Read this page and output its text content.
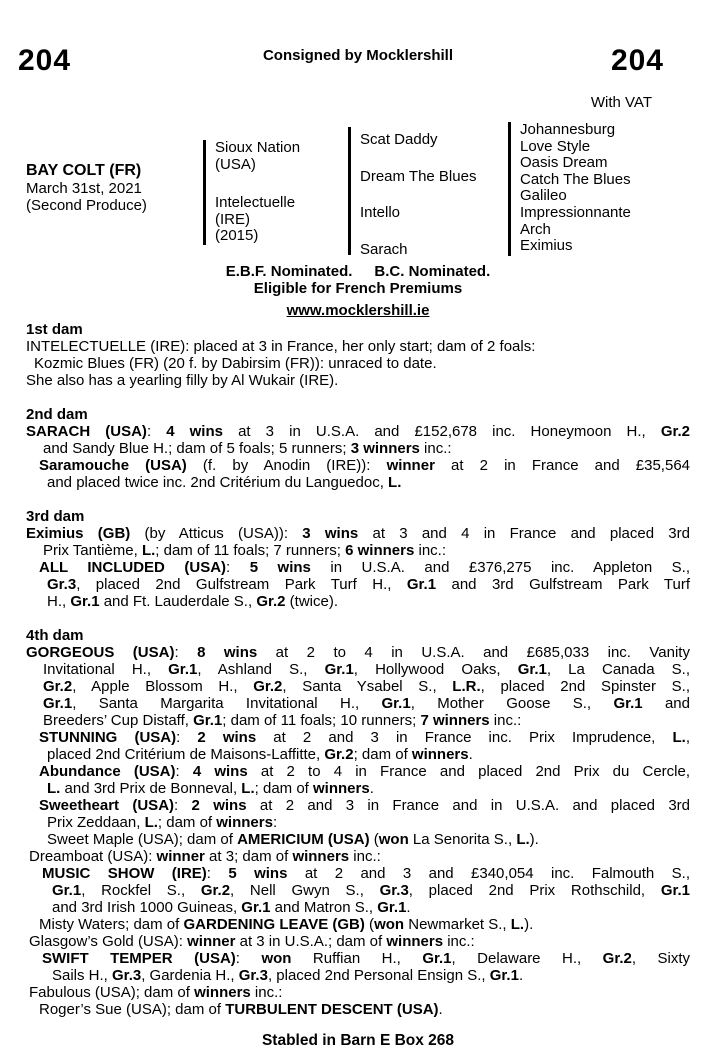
204	Consigned by Mocklershill	204
With VAT
BAY COLT (FR)
March 31st, 2021
(Second Produce)
Sioux Nation
(USA)
Intelectuelle
(IRE)
(2015)
Scat Daddy
Dream The Blues
Intello
Sarach
Johannesburg
Love Style
Oasis Dream
Catch The Blues
Galileo
Impressionnante
Arch
Eximius
E.B.F. Nominated. B.C. Nominated.
Eligible for French Premiums
www.mocklershill.ie
1st dam
INTELECTUELLE (IRE): placed at 3 in France, her only start; dam of 2 foals:
Kozmic Blues (FR) (20 f. by Dabirsim (FR)): unraced to date.
She also has a yearling filly by Al Wukair (IRE).
2nd dam
SARACH (USA): 4 wins at 3 in U.S.A. and £152,678 inc. Honeymoon H., Gr.2
and Sandy Blue H.; dam of 5 foals; 5 runners; 3 winners inc.:
Saramouche (USA) (f. by Anodin (IRE)): winner at 2 in France and £35,564
and placed twice inc. 2nd Critérium du Languedoc, L.
3rd dam
Eximius (GB) (by Atticus (USA)): 3 wins at 3 and 4 in France and placed 3rd
Prix Tantième, L.; dam of 11 foals; 7 runners; 6 winners inc.:
ALL INCLUDED (USA): 5 wins in U.S.A. and £376,275 inc. Appleton S.,
Gr.3, placed 2nd Gulfstream Park Turf H., Gr.1 and 3rd Gulfstream Park Turf
H., Gr.1 and Ft. Lauderdale S., Gr.2 (twice).
4th dam
GORGEOUS (USA): 8 wins at 2 to 4 in U.S.A. and £685,033 inc. Vanity
Invitational H., Gr.1, Ashland S., Gr.1, Hollywood Oaks, Gr.1, La Canada S.,
Gr.2, Apple Blossom H., Gr.2, Santa Ysabel S., L.R., placed 2nd Spinster S.,
Gr.1, Santa Margarita Invitational H., Gr.1, Mother Goose S., Gr.1 and
Breeders’ Cup Distaff, Gr.1; dam of 11 foals; 10 runners; 7 winners inc.:
STUNNING (USA): 2 wins at 2 and 3 in France inc. Prix Imprudence, L.,
placed 2nd Critérium de Maisons-Laffitte, Gr.2; dam of winners.
Abundance (USA): 4 wins at 2 to 4 in France and placed 2nd Prix du Cercle,
L. and 3rd Prix de Bonneval, L.; dam of winners.
Sweetheart (USA): 2 wins at 2 and 3 in France and in U.S.A. and placed 3rd
Prix Zeddaan, L.; dam of winners:
Sweet Maple (USA); dam of AMERICIUM (USA) (won La Senorita S., L.).
Dreamboat (USA): winner at 3; dam of winners inc.:
MUSIC SHOW (IRE): 5 wins at 2 and 3 and £340,054 inc. Falmouth S.,
Gr.1, Rockfel S., Gr.2, Nell Gwyn S., Gr.3, placed 2nd Prix Rothschild, Gr.1
and 3rd Irish 1000 Guineas, Gr.1 and Matron S., Gr.1.
Misty Waters; dam of GARDENING LEAVE (GB) (won Newmarket S., L.).
Glasgow’s Gold (USA): winner at 3 in U.S.A.; dam of winners inc.:
SWIFT TEMPER (USA): won Ruffian H., Gr.1, Delaware H., Gr.2, Sixty
Sails H., Gr.3, Gardenia H., Gr.3, placed 2nd Personal Ensign S., Gr.1.
Fabulous (USA); dam of winners inc.:
Roger’s Sue (USA); dam of TURBULENT DESCENT (USA).
Stabled in Barn E Box 268
